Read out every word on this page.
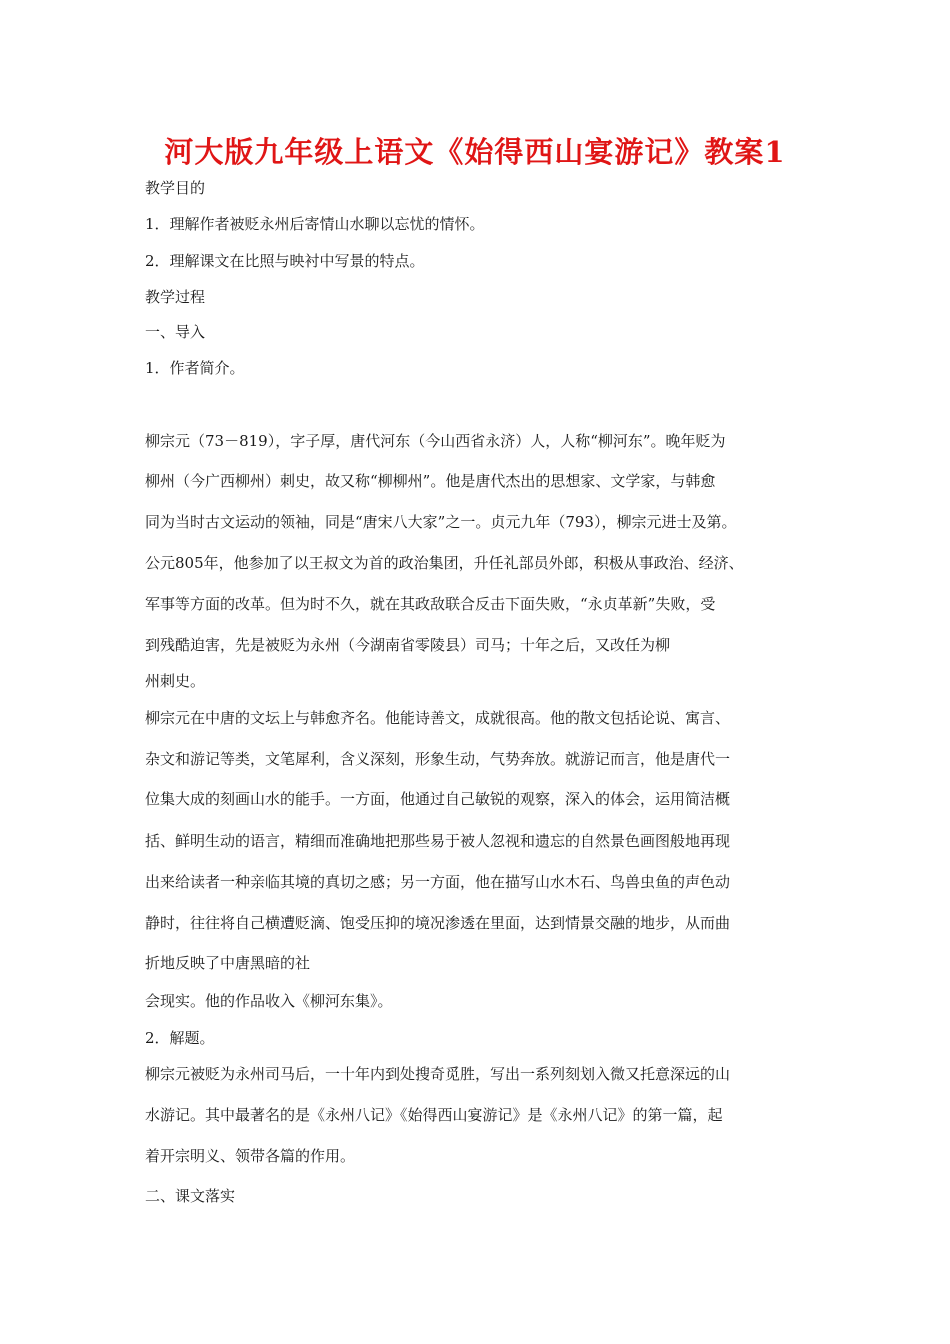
河大版九年级上语文《始得西山宴游记》教案1
教学目的
1．理解作者被贬永州后寄情山水聊以忘忧的情怀。
2．理解课文在比照与映衬中写景的特点。
教学过程
一、导入
1．作者简介。
柳宗元（73－819），字子厚，唐代河东（今山西省永济）人，人称“柳河东”。晚年贬为
柳州（今广西柳州）刺史，故又称“柳柳州”。他是唐代杰出的思想家、文学家，与韩愈
同为当时古文运动的领袖，同是“唐宋八大家”之一。贞元九年（793），柳宗元进士及第。
公元805年，他参加了以王叔文为首的政治集团，升任礼部员外郎，积极从事政治、经济、
军事等方面的改革。但为时不久，就在其政敌联合反击下面失败，“永贞革新”失败，受
到残酷迫害，先是被贬为永州（今湖南省零陵县）司马；十年之后，又改任为柳
州刺史。
柳宗元在中唐的文坛上与韩愈齐名。他能诗善文，成就很高。他的散文包括论说、寓言、
杂文和游记等类，文笔犀利，含义深刻，形象生动，气势奔放。就游记而言，他是唐代一
位集大成的刻画山水的能手。一方面，他通过自己敏锐的观察，深入的体会，运用简洁概
括、鲜明生动的语言，精细而准确地把那些易于被人忽视和遗忘的自然景色画图般地再现
出来给读者一种亲临其境的真切之感；另一方面，他在描写山水木石、鸟兽虫鱼的声色动
静时，往往将自己横遭贬滴、饱受压抑的境况渗透在里面，达到情景交融的地步，从而曲
折地反映了中唐黑暗的社
会现实。他的作品收入《柳河东集》。
2．解题。
柳宗元被贬为永州司马后，一十年内到处搜奇觅胜，写出一系列刻划入微又托意深远的山
水游记。其中最著名的是《永州八记》《始得西山宴游记》是《永州八记》的第一篇，起
着开宗明义、领带各篇的作用。
二、课文落实
